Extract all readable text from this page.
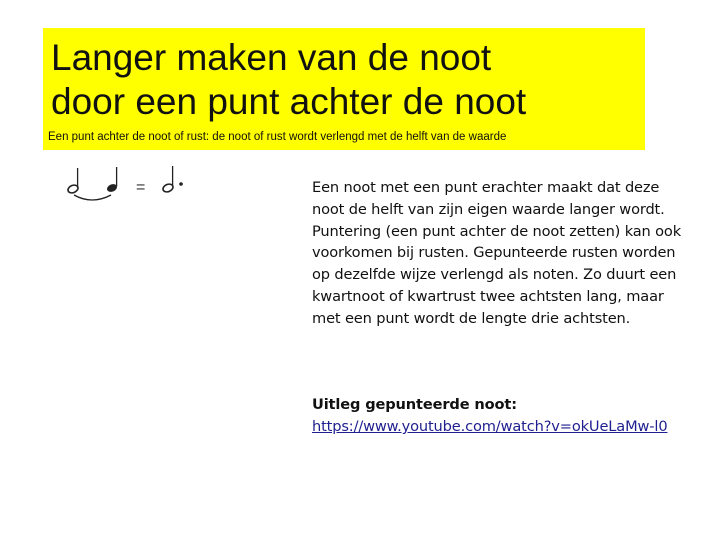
Langer maken van de noot
door een punt achter de noot
Een punt achter de noot of rust: de noot of rust wordt verlengd met de helft van de waarde
=	Een noot met een punt erachter maakt dat deze noot de helft van zijn eigen waarde langer wordt. Puntering (een punt achter de noot zetten) kan ook voorkomen bij rusten. Gepunteerde rusten worden op dezelfde wijze verlengd als noten. Zo duurt een kwartnoot of kwartrust twee achtsten lang, maar met een punt wordt de lengte drie achtsten.
Uitleg gepunteerde noot:
https://www.youtube.com/watch?v=okUeLaMw-l0
